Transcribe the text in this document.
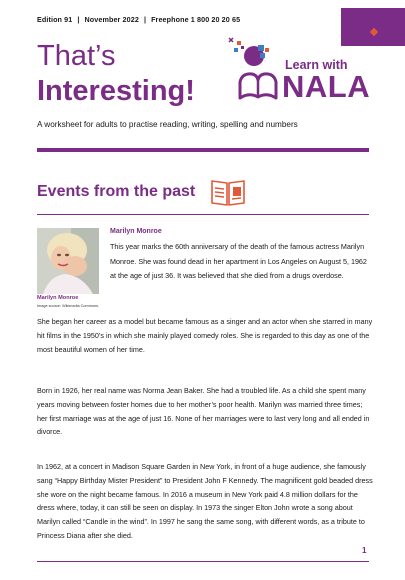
Edition 91 | November 2022 | Freephone 1 800 20 20 65
That’s
Interesting!
Learn with
NALA
A worksheet for adults to practise reading, writing, spelling and numbers
Events from the past
Marilyn Monroe
Image source: Wikimedia Commons.
Marilyn Monroe

This year marks the 60th anniversary of the death of the famous actress Marilyn Monroe. She was found dead in her apartment in Los Angeles on August 5, 1962 at the age of just 36. It was believed that she died from a drugs overdose.

She began her career as a model but became famous as a singer and an actor when she starred in many hit films in the 1950’s in which she mainly played comedy roles. She is regarded to this day as one of the most beautiful women of her time.

Born in 1926, her real name was Norma Jean Baker. She had a troubled life. As a child she spent many years moving between foster homes due to her mother’s poor health. Marilyn was married three times; her first marriage was at the age of just 16. None of her marriages were to last very long and all ended in divorce.

In 1962, at a concert in Madison Square Garden in New York, in front of a huge audience, she famously sang “Happy Birthday Mister President” to President John F Kennedy. The magnificent gold beaded dress she wore on the night became famous. In 2016 a museum in New York paid 4.8 million dollars for the dress where, today, it can still be seen on display. In 1973 the singer Elton John wrote a song about Marilyn called “Candle in the wind”. In 1997 he sang the same song, with different words, as a tribute to Princess Diana after she died.

1
